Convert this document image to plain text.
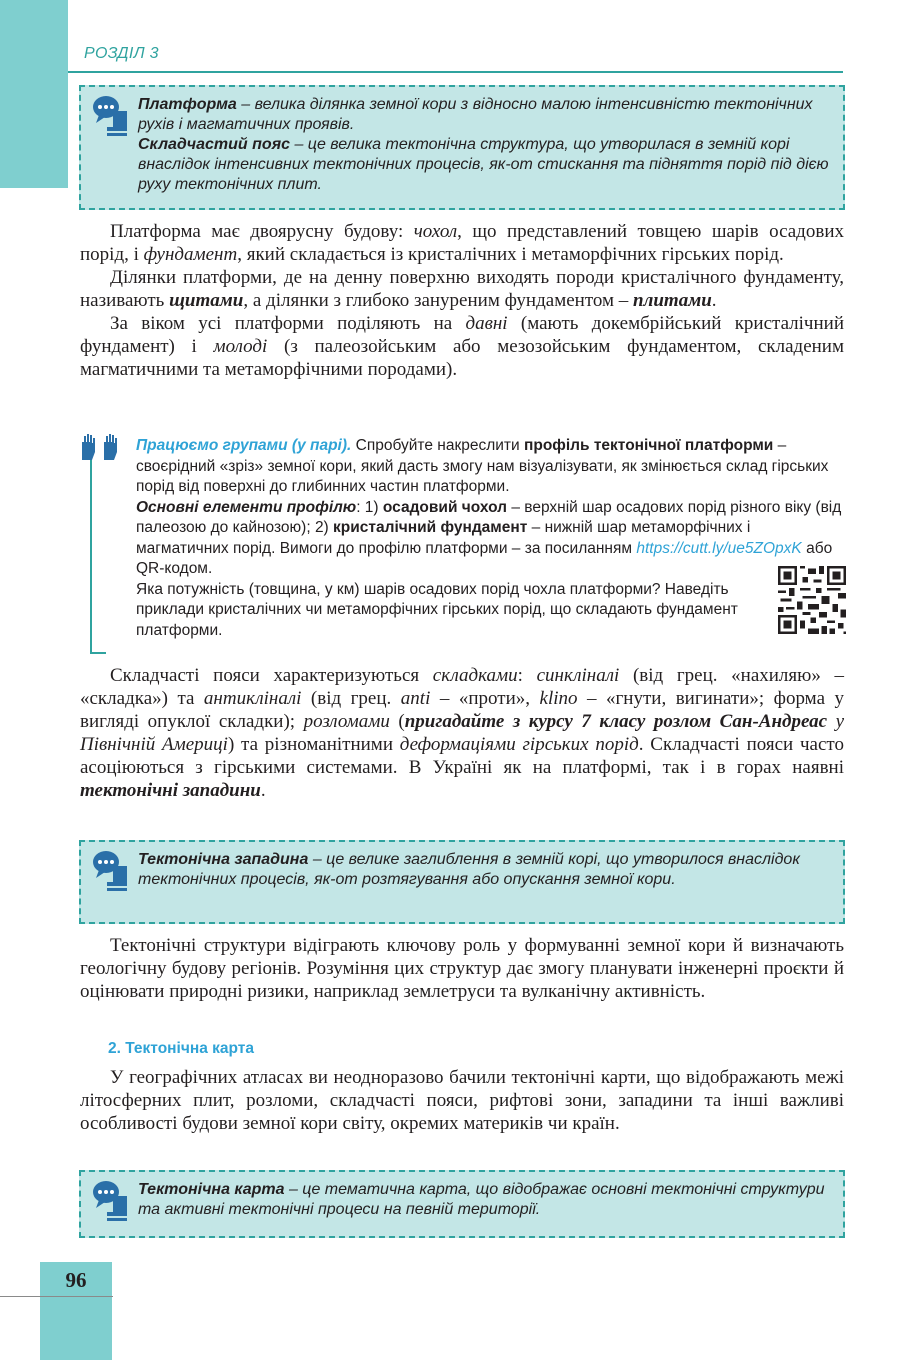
РОЗДІЛ 3

Платформа – велика ділянка земної кори з відносно малою інтенсивністю тектонічних рухів і магматичних проявів.

Складчастий пояс – це велика тектонічна структура, що утворилася в земній корі внаслідок інтенсивних тектонічних процесів, як-от стискання та підняття порід під дією руху тектонічних плит.

Платформа має двоярусну будову: чохол, що представлений товщею шарів осадових порід, і фундамент, який складається із кристалічних і метаморфічних гірських порід.

Ділянки платформи, де на денну поверхню виходять породи кристалічного фундаменту, називають щитами, а ділянки з глибоко зануреним фундаментом – плитами.

За віком усі платформи поділяють на давні (мають докембрійський кристалічний фундамент) і молоді (з палеозойським або мезозойським фундаментом, складеним магматичними та метаморфічними породами).

Працюємо групами (у парі). Спробуйте накреслити профіль тектонічної платформи – своєрідний «зріз» земної кори, який дасть змогу нам візуалізувати, як змінюється склад гірських порід від поверхні до глибинних частин платформи.
Основні елементи профілю: 1) осадовий чохол – верхній шар осадових порід різного віку (від палеозою до кайнозою); 2) кристалічний фундамент – нижній шар метаморфічних і магматичних порід. Вимоги до профілю платформи – за посиланням https://cutt.ly/ue5ZOpxK або QR-кодом.
Яка потужність (товщина, у км) шарів осадових порід чохла платформи? Наведіть приклади кристалічних чи метаморфічних гірських порід, що складають фундамент платформи.

Складчасті пояси характеризуються складками: синкліналі (від грец. «нахиляю» – «складка») та антикліналі (від грец. anti – «проти», klino – «гнути, вигинати»; форма у вигляді опуклої складки); розломами (пригадайте з курсу 7 класу розлом Сан-Андреас у Північній Америці) та різноманітними деформаціями гірських порід. Складчасті пояси часто асоціюються з гірськими системами. В Україні як на платформі, так і в горах наявні тектонічні западини.

Тектонічна западина – це велике заглиблення в земній корі, що утворилося внаслідок тектонічних процесів, як-от розтягування або опускання земної кори.

Тектонічні структури відіграють ключову роль у формуванні земної кори й визначають геологічну будову регіонів. Розуміння цих структур дає змогу планувати інженерні проєкти й оцінювати природні ризики, наприклад землетруси та вулканічну активність.

2. Тектонічна карта

У географічних атласах ви неодноразово бачили тектонічні карти, що відображають межі літосферних плит, розломи, складчасті пояси, рифтові зони, западини та інші важливі особливості будови земної кори світу, окремих материків чи країн.

Тектонічна карта – це тематична карта, що відображає основні тектонічні структури та активні тектонічні процеси на певній території.

96
